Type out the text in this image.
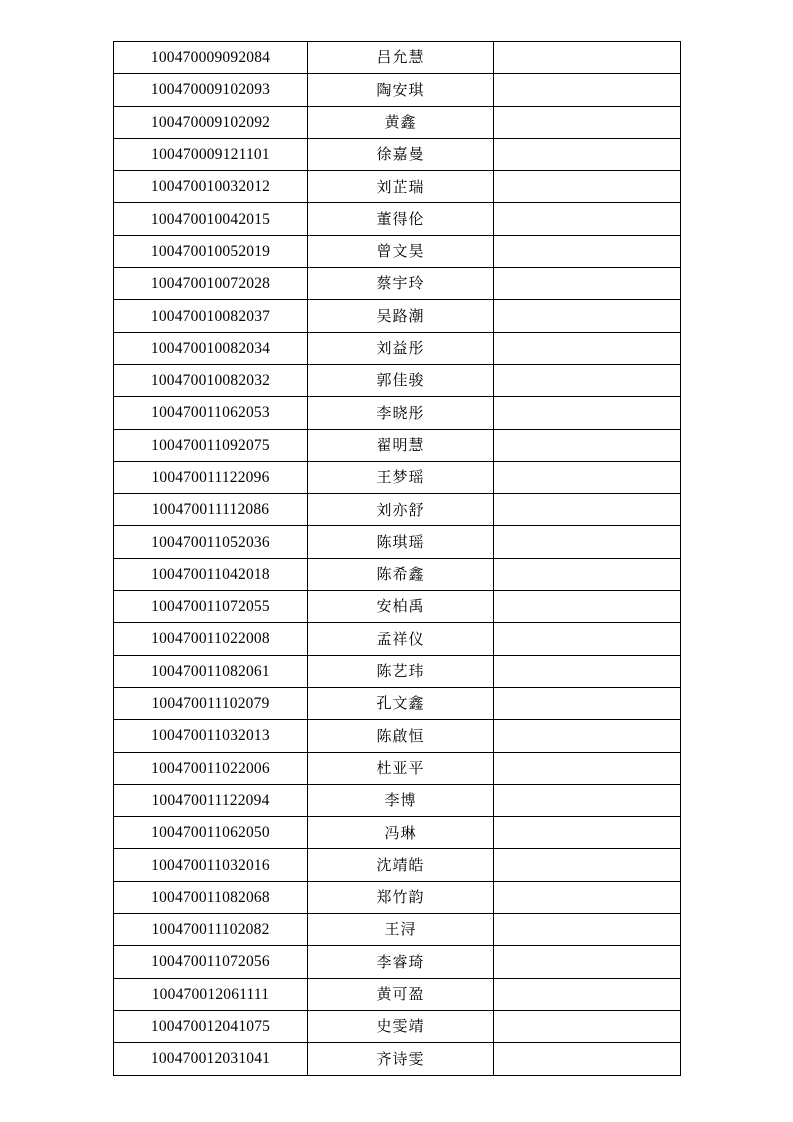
100470009092084	吕允慧	
100470009102093	陶安琪	
100470009102092	黄鑫	
100470009121101	徐嘉曼	
100470010032012	刘芷瑞	
100470010042015	董得伦	
100470010052019	曾文昊	
100470010072028	蔡宇玲	
100470010082037	吴路潮	
100470010082034	刘益彤	
100470010082032	郭佳骏	
100470011062053	李晓彤	
100470011092075	翟明慧	
100470011122096	王梦瑶	
100470011112086	刘亦舒	
100470011052036	陈琪瑶	
100470011042018	陈希鑫	
100470011072055	安柏禹	
100470011022008	孟祥仪	
100470011082061	陈艺玮	
100470011102079	孔文鑫	
100470011032013	陈啟恒	
100470011022006	杜亚平	
100470011122094	李博	
100470011062050	冯琳	
100470011032016	沈靖皓	
100470011082068	郑竹韵	
100470011102082	王浔	
100470011072056	李睿琦	
100470012061111	黄可盈	
100470012041075	史雯靖	
100470012031041	齐诗雯	
